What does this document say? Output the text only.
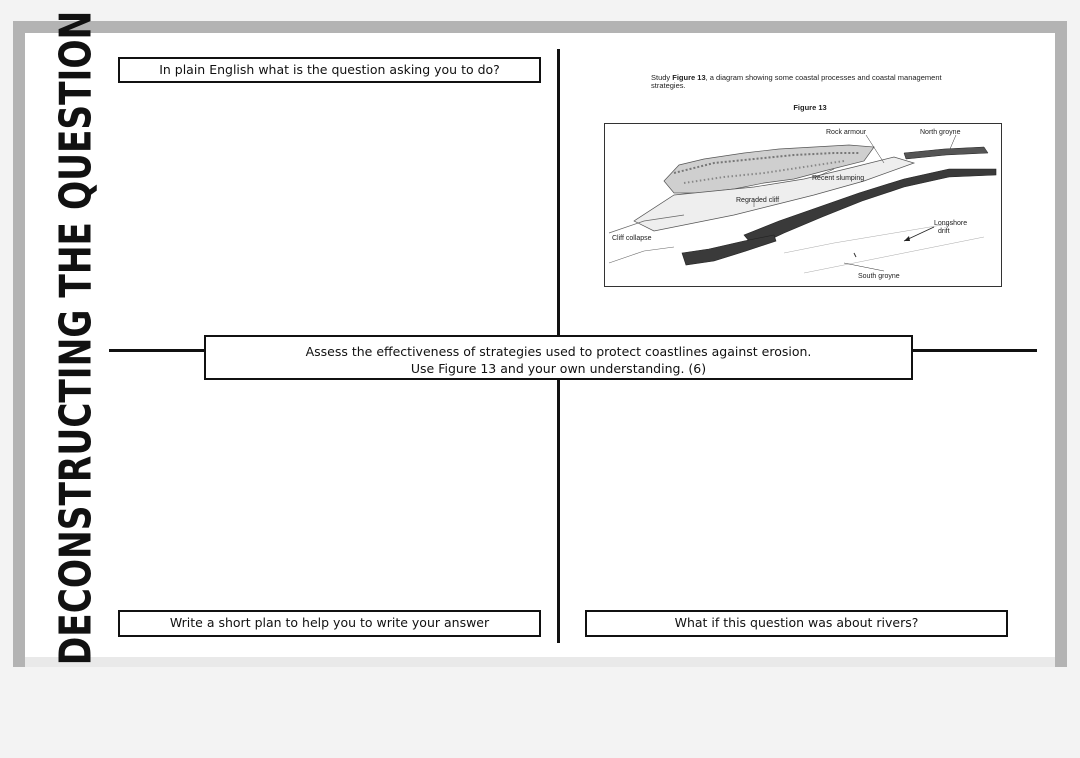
DECONSTRUCTING THE QUESTION	In plain English what is the question asking you to do?
Study Figure 13, a diagram showing some coastal processes and coastal management strategies.
Figure 13
Rock armour	North groyne
Recent slumping
Regraded cliff
Longshore
drift
Cliff collapse
South groyne
Assess the effectiveness of strategies used to protect coastlines against erosion.
Use Figure 13 and your own understanding. (6)
Write a short plan to help you to write your answer	What if this question was about rivers?
